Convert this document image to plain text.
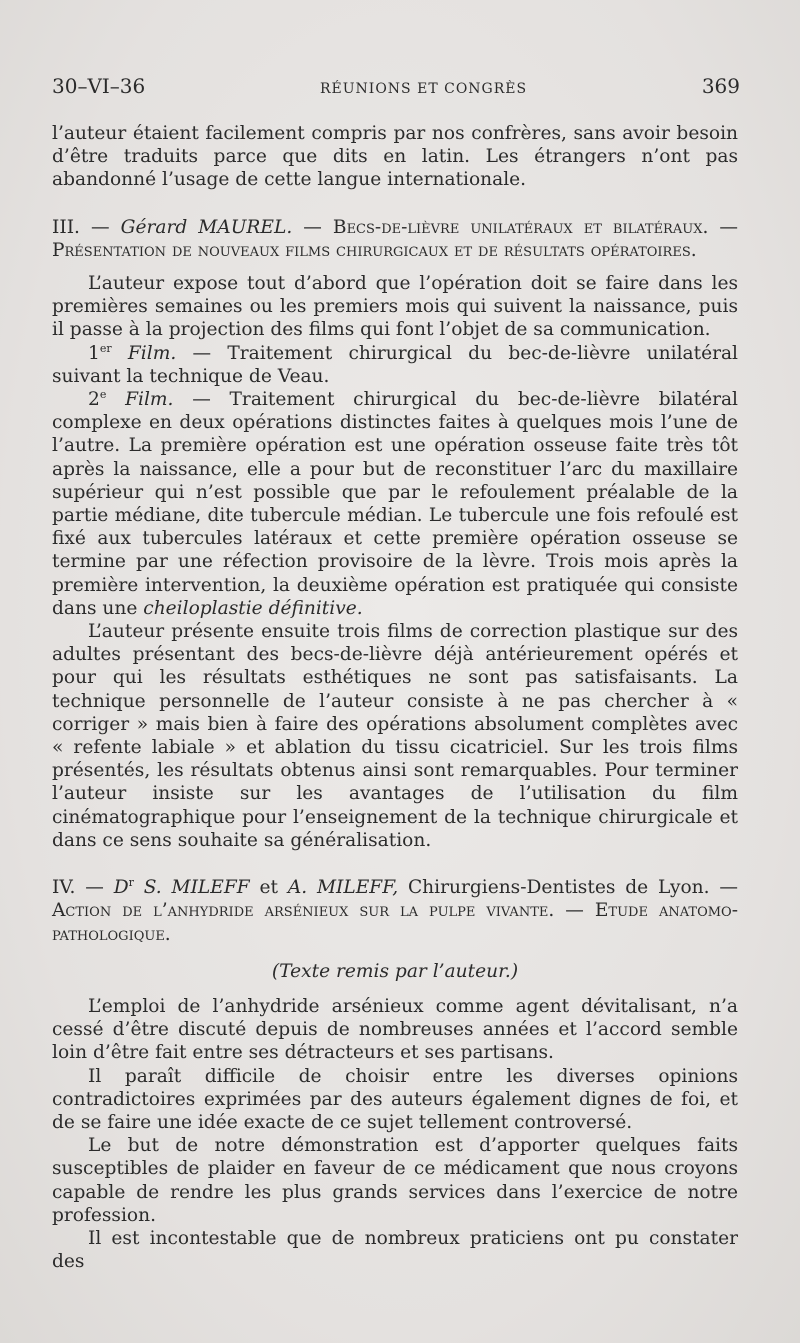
30–VI–36	RÉUNIONS ET CONGRÈS	369

l’auteur étaient facilement compris par nos confrères, sans avoir besoin d’être traduits parce que dits en latin. Les étrangers n’ont pas abandonné l’usage de cette langue internationale.

III. — Gérard MAUREL. — Becs-de-lièvre unilatéraux et bilatéraux. — Présentation de nouveaux films chirurgicaux et de résultats opératoires.

L’auteur expose tout d’abord que l’opération doit se faire dans les premières semaines ou les premiers mois qui suivent la naissance, puis il passe à la projection des films qui font l’objet de sa communication.

1er Film. — Traitement chirurgical du bec-de-lièvre unilatéral suivant la technique de Veau.

2e Film. — Traitement chirurgical du bec-de-lièvre bilatéral complexe en deux opérations distinctes faites à quelques mois l’une de l’autre. La première opération est une opération osseuse faite très tôt après la naissance, elle a pour but de reconstituer l’arc du maxillaire supérieur qui n’est possible que par le refoulement préalable de la partie médiane, dite tubercule médian. Le tubercule une fois refoulé est fixé aux tubercules latéraux et cette première opération osseuse se termine par une réfection provisoire de la lèvre. Trois mois après la première intervention, la deuxième opération est pratiquée qui consiste dans une cheiloplastie définitive.

L’auteur présente ensuite trois films de correction plastique sur des adultes présentant des becs-de-lièvre déjà antérieurement opérés et pour qui les résultats esthétiques ne sont pas satisfaisants. La technique personnelle de l’auteur consiste à ne pas chercher à « corriger » mais bien à faire des opérations absolument complètes avec « refente labiale » et ablation du tissu cicatriciel. Sur les trois films présentés, les résultats obtenus ainsi sont remarquables. Pour terminer l’auteur insiste sur les avantages de l’utilisation du film cinématographique pour l’enseignement de la technique chirurgicale et dans ce sens souhaite sa généralisation.

IV. — $D^r$ S. MILEFF et A. MILEFF, Chirurgiens-Dentistes de Lyon. — Action de l’anhydride arsénieux sur la pulpe vivante. — Etude anatomo-pathologique.

(Texte remis par l’auteur.)

L’emploi de l’anhydride arsénieux comme agent dévitalisant, n’a cessé d’être discuté depuis de nombreuses années et l’accord semble loin d’être fait entre ses détracteurs et ses partisans.

Il paraît difficile de choisir entre les diverses opinions contradictoires exprimées par des auteurs également dignes de foi, et de se faire une idée exacte de ce sujet tellement controversé.

Le but de notre démonstration est d’apporter quelques faits susceptibles de plaider en faveur de ce médicament que nous croyons capable de rendre les plus grands services dans l’exercice de notre profession.

Il est incontestable que de nombreux praticiens ont pu constater des
